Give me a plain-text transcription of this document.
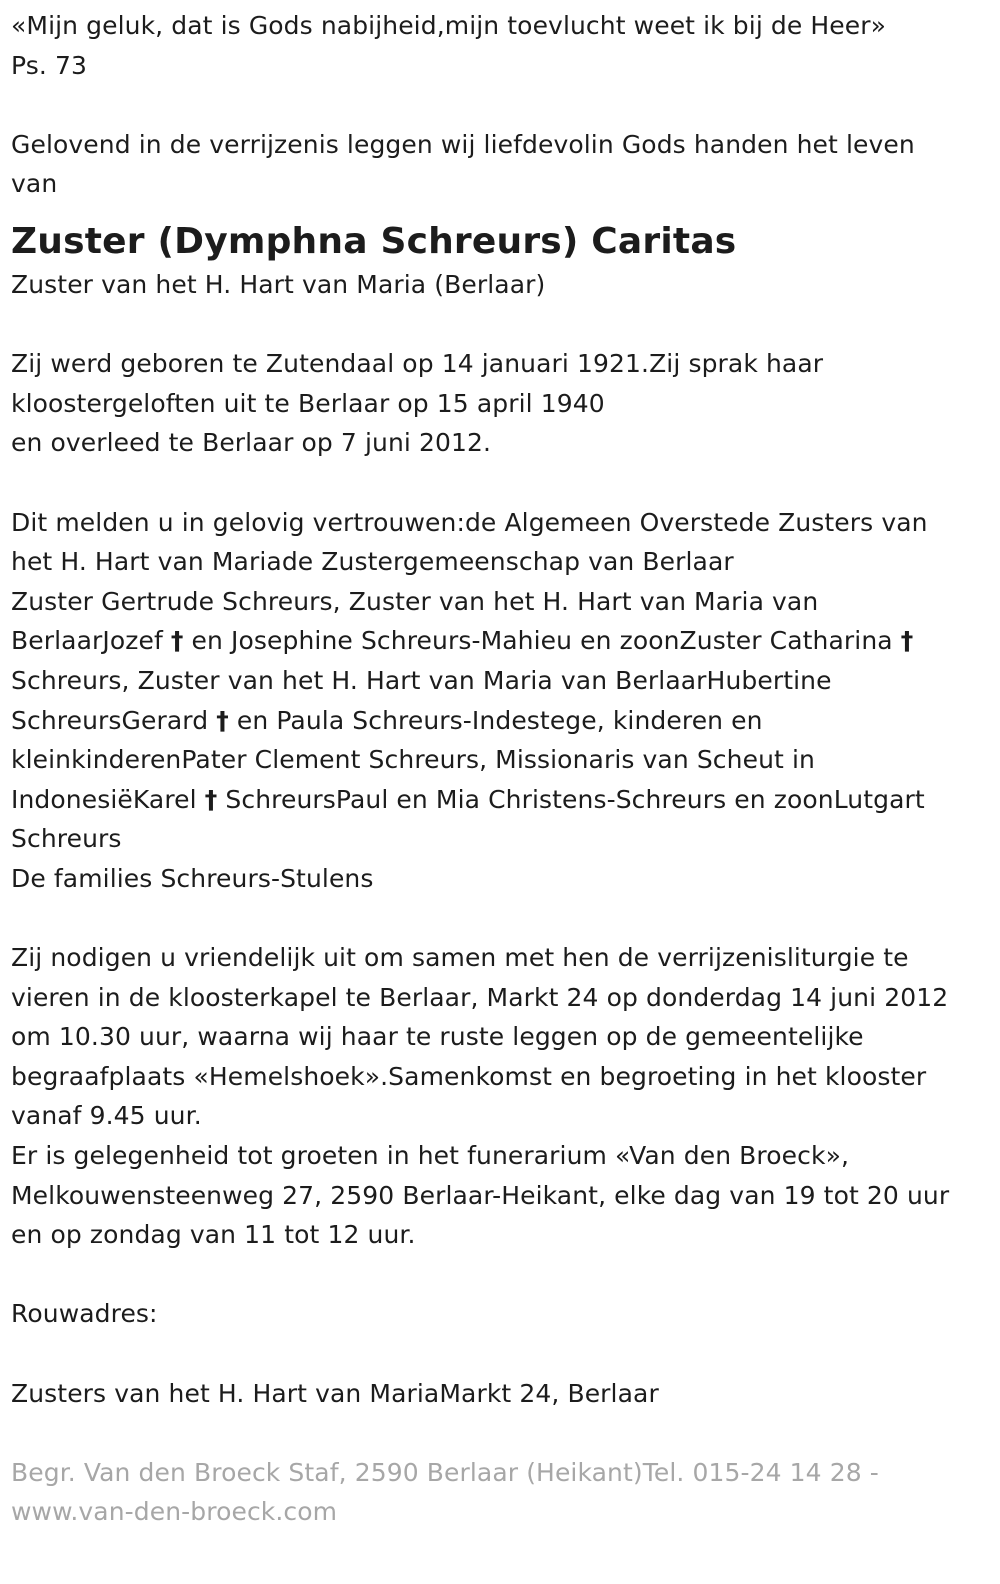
«Mijn geluk, dat is Gods nabijheid,mijn toevlucht weet ik bij de Heer»
Ps. 73
Gelovend in de verrijzenis leggen wij liefdevolin Gods handen het leven
van
Zuster (Dymphna Schreurs) Caritas
Zuster van het H. Hart van Maria (Berlaar)
Zij werd geboren te Zutendaal op 14 januari 1921.Zij sprak haar
kloostergeloften uit te Berlaar op 15 april 1940
en overleed te Berlaar op 7 juni 2012.
Dit melden u in gelovig vertrouwen:de Algemeen Overstede Zusters van
het H. Hart van Mariade Zustergemeenschap van Berlaar
Zuster Gertrude Schreurs, Zuster van het H. Hart van Maria van
BerlaarJozef † en Josephine Schreurs-Mahieu en zoonZuster Catharina †
Schreurs, Zuster van het H. Hart van Maria van BerlaarHubertine
SchreursGerard † en Paula Schreurs-Indestege, kinderen en
kleinkinderenPater Clement Schreurs, Missionaris van Scheut in
IndonesiëKarel † SchreursPaul en Mia Christens-Schreurs en zoonLutgart
Schreurs
De families Schreurs-Stulens
Zij nodigen u vriendelijk uit om samen met hen de verrijzenisliturgie te
vieren in de kloosterkapel te Berlaar, Markt 24 op donderdag 14 juni 2012
om 10.30 uur, waarna wij haar te ruste leggen op de gemeentelijke
begraafplaats «Hemelshoek».Samenkomst en begroeting in het klooster
vanaf 9.45 uur.
Er is gelegenheid tot groeten in het funerarium «Van den Broeck»,
Melkouwensteenweg 27, 2590 Berlaar-Heikant, elke dag van 19 tot 20 uur
en op zondag van 11 tot 12 uur.
Rouwadres:
Zusters van het H. Hart van MariaMarkt 24, Berlaar
Begr. Van den Broeck Staf, 2590 Berlaar (Heikant)Tel. 015-24 14 28 -
www.van-den-broeck.com
